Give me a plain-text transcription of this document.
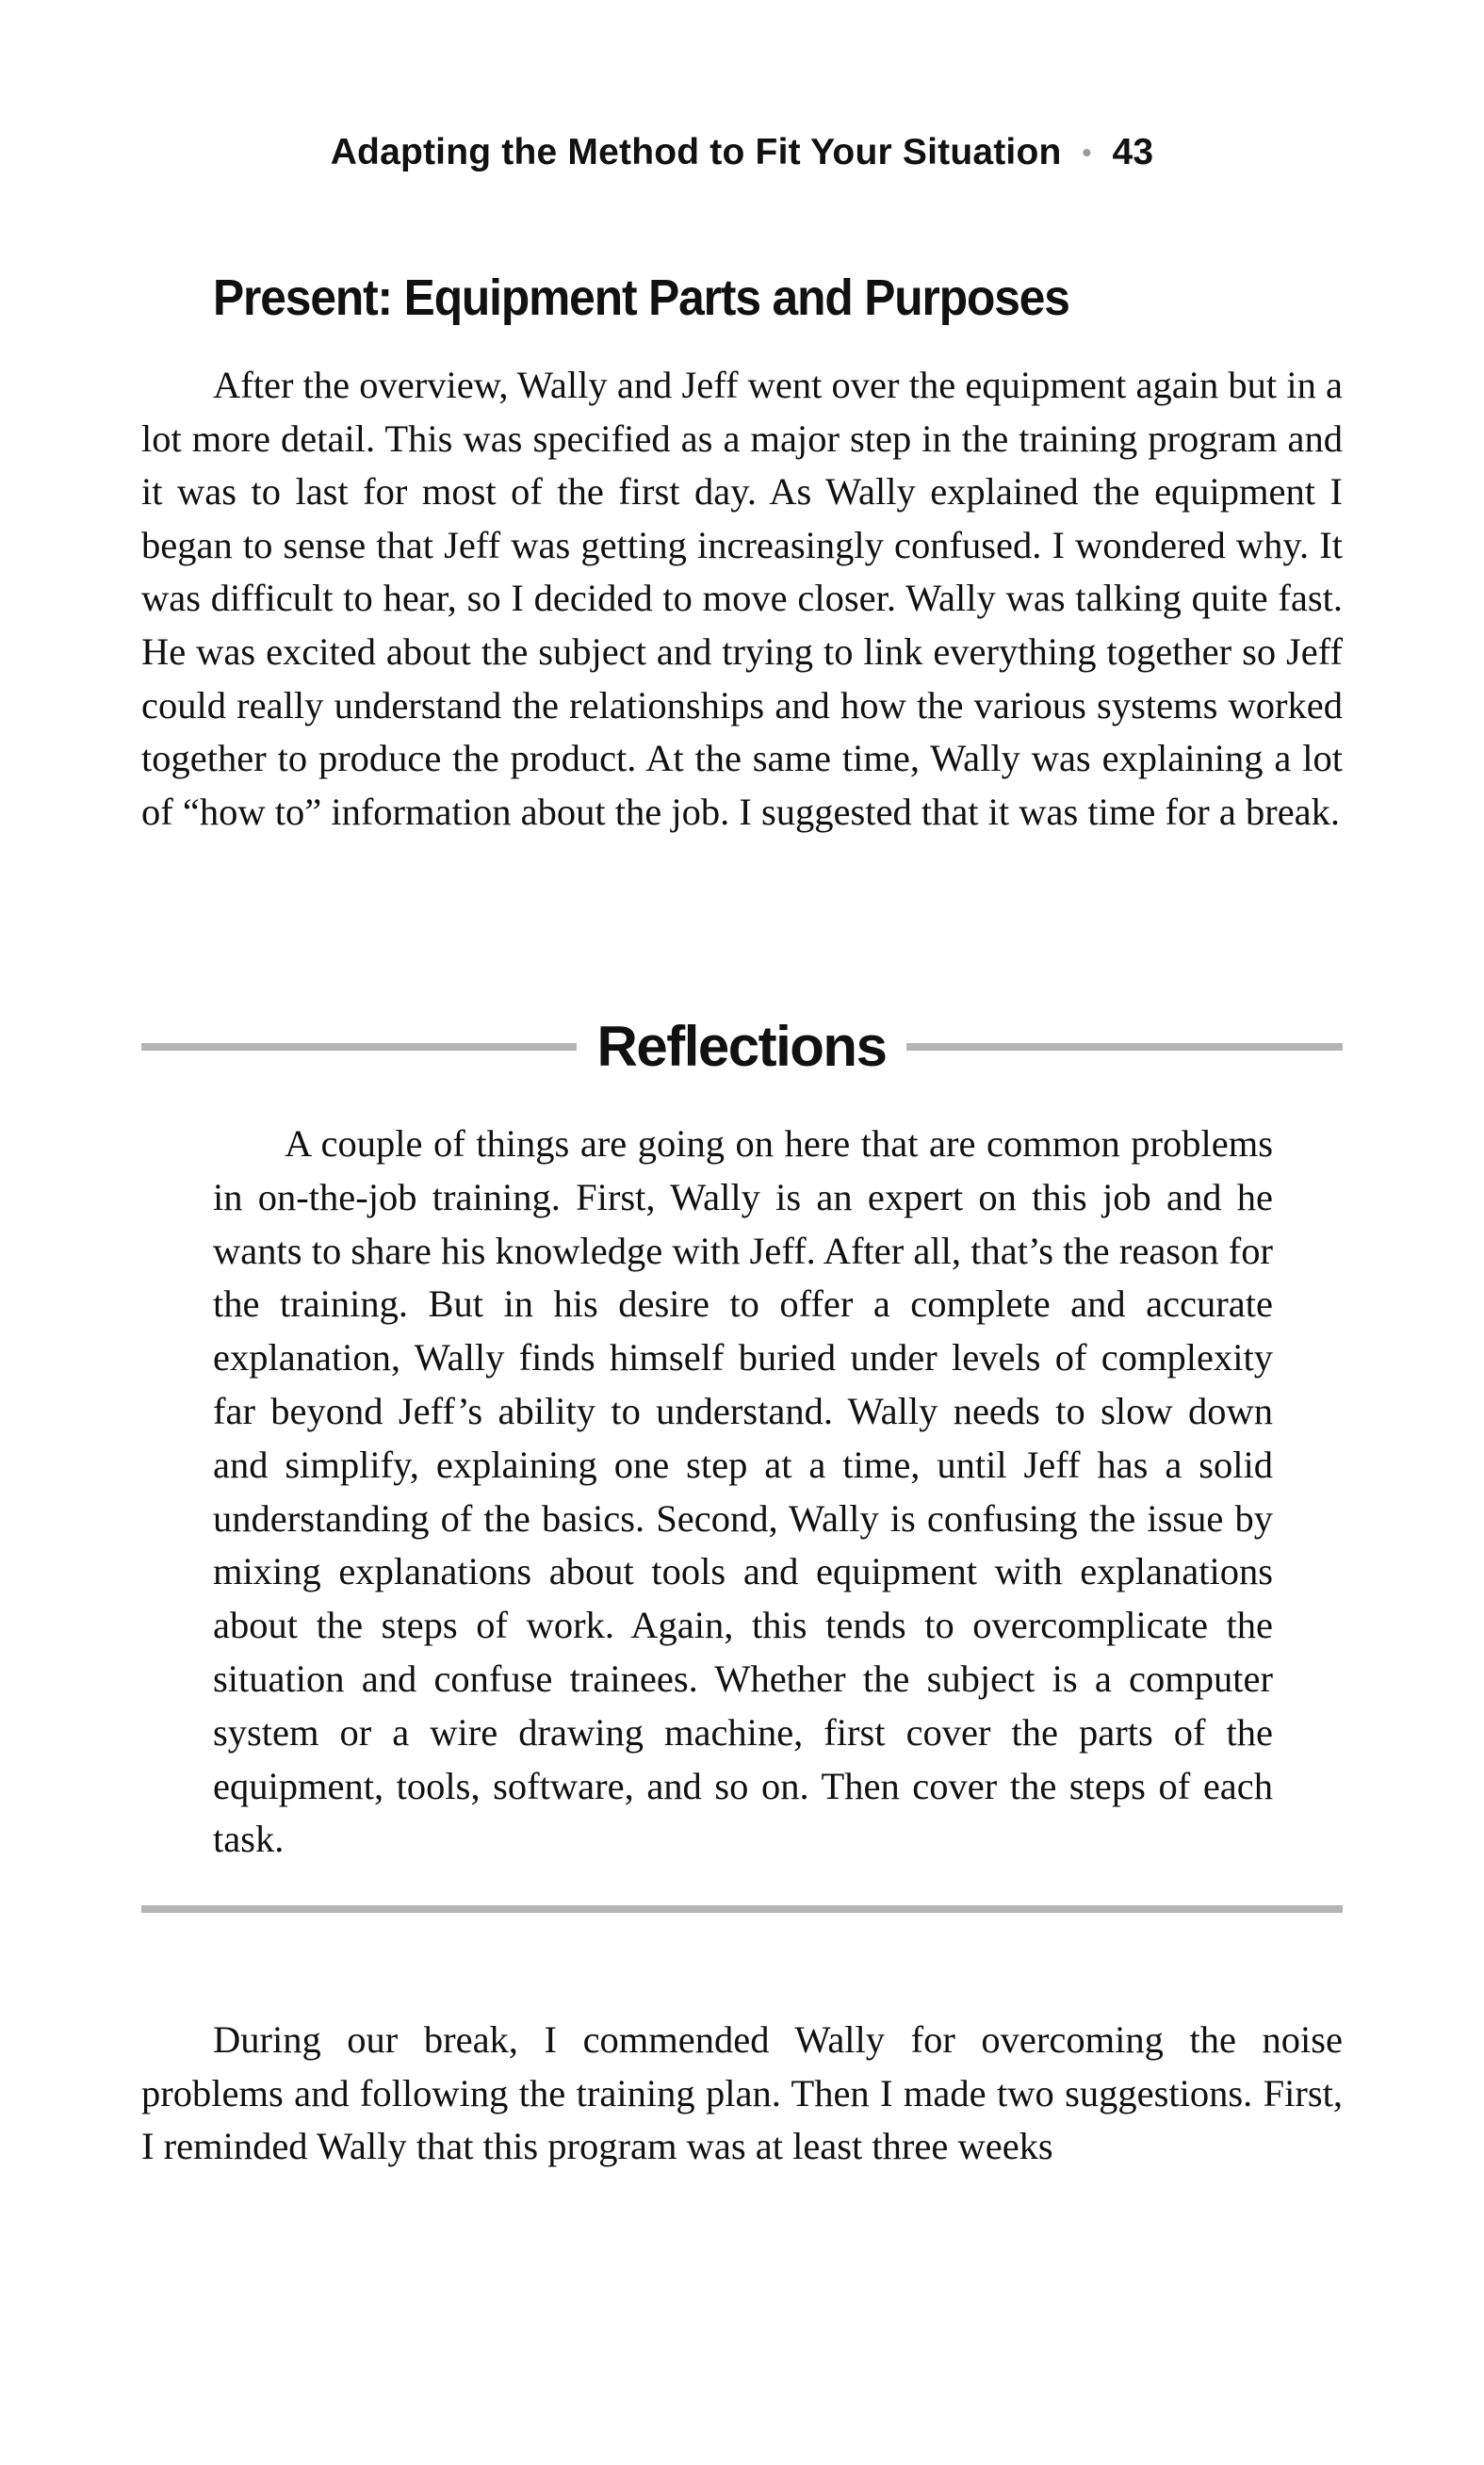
Adapting the Method to Fit Your Situation • 43
Present: Equipment Parts and Purposes

After the overview, Wally and Jeff went over the equipment again but in a lot more detail. This was specified as a major step in the training program and it was to last for most of the first day. As Wally explained the equipment I began to sense that Jeff was getting increasingly confused. I wondered why. It was difficult to hear, so I decided to move closer. Wally was talking quite fast. He was excited about the subject and trying to link everything together so Jeff could really understand the relationships and how the various systems worked together to produce the product. At the same time, Wally was explaining a lot of “how to” information about the job. I suggested that it was time for a break.

Reflections

A couple of things are going on here that are common problems in on-the-job training. First, Wally is an expert on this job and he wants to share his knowledge with Jeff. After all, that’s the reason for the training. But in his desire to offer a complete and accurate explanation, Wally finds himself buried under levels of complexity far beyond Jeff’s ability to understand. Wally needs to slow down and simplify, explaining one step at a time, until Jeff has a solid understanding of the basics. Second, Wally is confusing the issue by mixing explanations about tools and equipment with explanations about the steps of work. Again, this tends to overcomplicate the situation and confuse trainees. Whether the subject is a computer system or a wire drawing machine, first cover the parts of the equipment, tools, software, and so on. Then cover the steps of each task.

During our break, I commended Wally for overcoming the noise problems and following the training plan. Then I made two suggestions. First, I reminded Wally that this program was at least three weeks
